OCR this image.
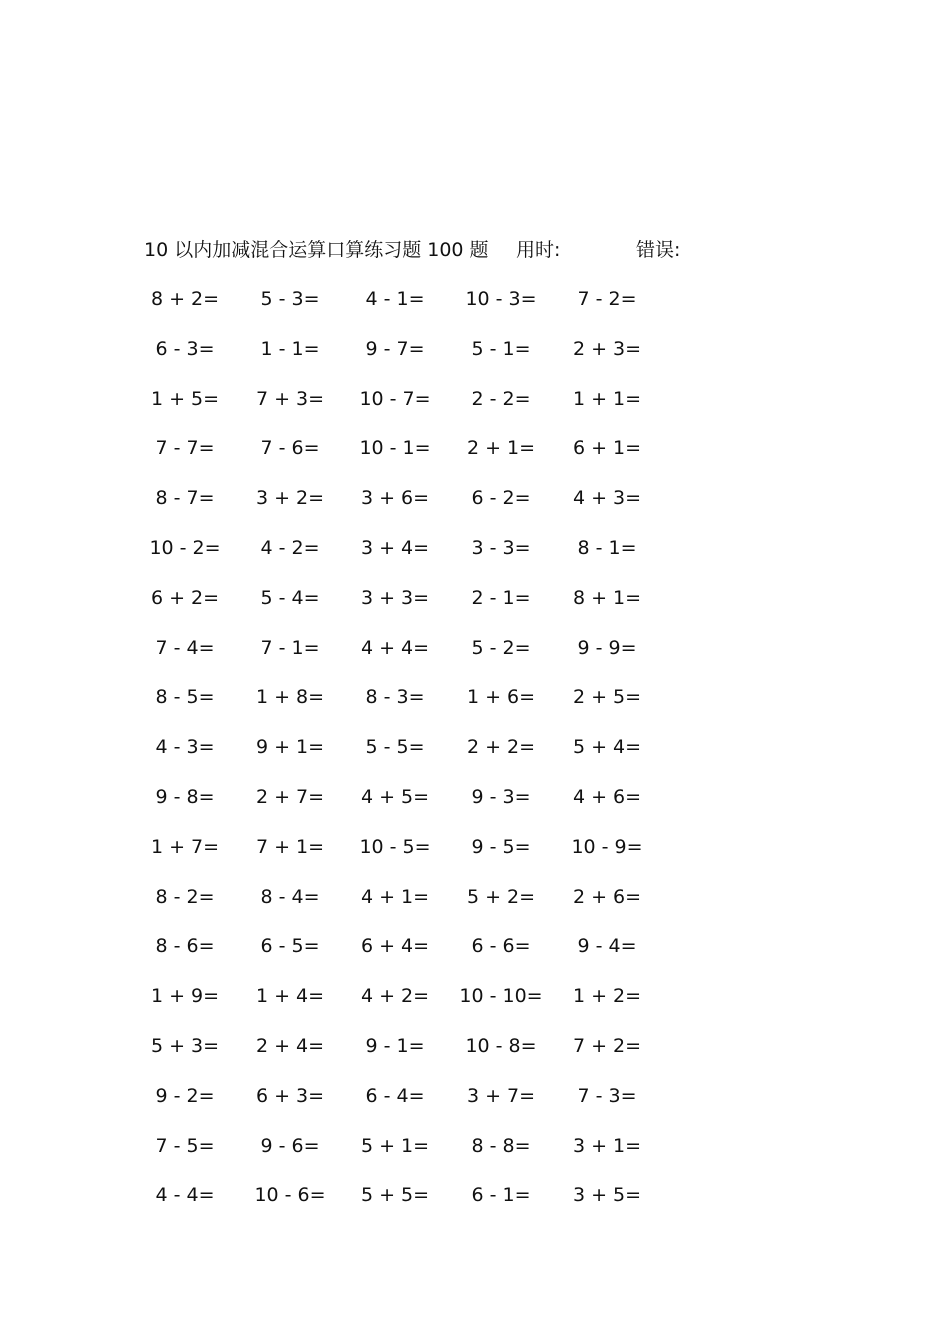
10 以内加减混合运算口算练习题 100 题 用时:	错误:
8 + 2=	5 - 3=	4 - 1=	10 - 3=	7 - 2=
6 - 3=	1 - 1=	9 - 7=	5 - 1=	2 + 3=
1 + 5=	7 + 3=	10 - 7=	2 - 2=	1 + 1=
7 - 7=	7 - 6=	10 - 1=	2 + 1=	6 + 1=
8 - 7=	3 + 2=	3 + 6=	6 - 2=	4 + 3=
10 - 2=	4 - 2=	3 + 4=	3 - 3=	8 - 1=
6 + 2=	5 - 4=	3 + 3=	2 - 1=	8 + 1=
7 - 4=	7 - 1=	4 + 4=	5 - 2=	9 - 9=
8 - 5=	1 + 8=	8 - 3=	1 + 6=	2 + 5=
4 - 3=	9 + 1=	5 - 5=	2 + 2=	5 + 4=
9 - 8=	2 + 7=	4 + 5=	9 - 3=	4 + 6=
1 + 7=	7 + 1=	10 - 5=	9 - 5=	10 - 9=
8 - 2=	8 - 4=	4 + 1=	5 + 2=	2 + 6=
8 - 6=	6 - 5=	6 + 4=	6 - 6=	9 - 4=
1 + 9=	1 + 4=	4 + 2=	10 - 10=	1 + 2=
5 + 3=	2 + 4=	9 - 1=	10 - 8=	7 + 2=
9 - 2=	6 + 3=	6 - 4=	3 + 7=	7 - 3=
7 - 5=	9 - 6=	5 + 1=	8 - 8=	3 + 1=
4 - 4=	10 - 6=	5 + 5=	6 - 1=	3 + 5=
